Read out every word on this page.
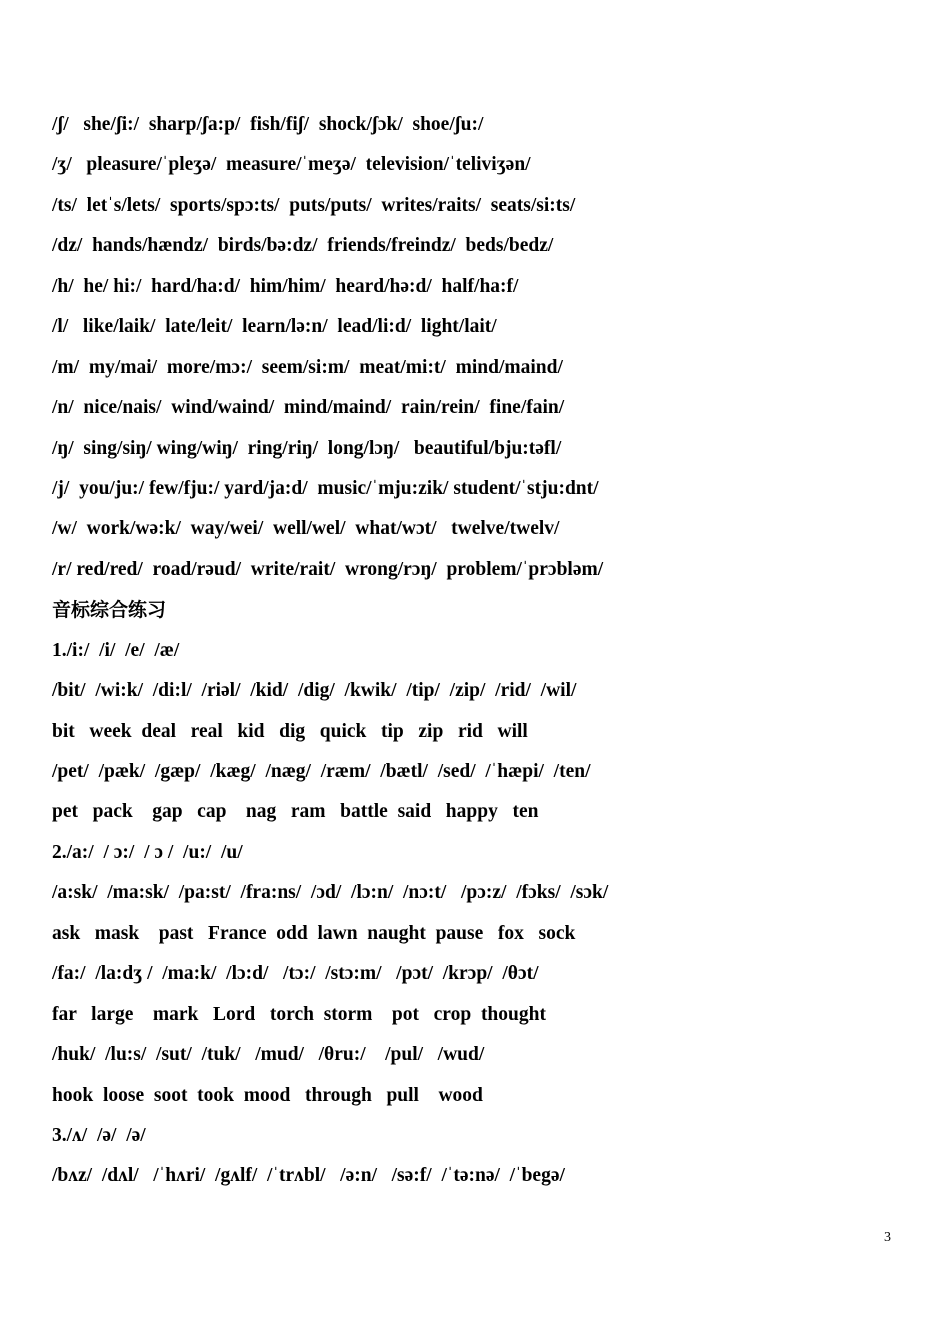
/ʃ/   she/ʃi:/  sharp/ʃa:p/  fish/fiʃ/  shock/ʃɔk/  shoe/ʃu:/
/ʒ/   pleasure/ˈpleʒə/  measure/ˈmeʒə/  television/ˈteliviʒən/
/ts/  letˈs/lets/  sports/spɔ:ts/  puts/puts/  writes/raits/  seats/si:ts/
/dz/  hands/hændz/  birds/bə:dz/  friends/freindz/  beds/bedz/
/h/  he/ hi:/  hard/ha:d/  him/him/  heard/hə:d/  half/ha:f/
/l/   like/laik/  late/leit/  learn/lə:n/  lead/li:d/  light/lait/
/m/  my/mai/  more/mɔ:/  seem/si:m/  meat/mi:t/  mind/maind/
/n/  nice/nais/  wind/waind/  mind/maind/  rain/rein/  fine/fain/
/ŋ/  sing/siŋ/ wing/wiŋ/  ring/riŋ/  long/lɔŋ/   beautiful/bju:təfl/
/j/  you/ju:/ few/fju:/ yard/ja:d/  music/ˈmju:zik/ student/ˈstju:dnt/
/w/  work/wə:k/  way/wei/  well/wel/  what/wɔt/   twelve/twelv/
/r/ red/red/  road/rəud/  write/rait/  wrong/rɔŋ/  problem/ˈprɔbləm/
音标综合练习
1./i:/  /i/  /e/  /æ/
/bit/  /wi:k/  /di:l/  /riəl/  /kid/  /dig/  /kwik/  /tip/  /zip/  /rid/  /wil/
bit   week  deal   real   kid   dig   quick   tip   zip   rid   will
/pet/  /pæk/  /gæp/  /kæg/  /næg/  /ræm/  /bætl/  /sed/  /ˈhæpi/  /ten/
pet   pack    gap   cap    nag   ram   battle  said   happy   ten
2./a:/  / ɔ:/  / ɔ /  /u:/  /u/
/a:sk/  /ma:sk/  /pa:st/  /fra:ns/  /ɔd/  /lɔ:n/  /nɔ:t/   /pɔ:z/  /fɔks/  /sɔk/
ask   mask    past   France  odd  lawn  naught  pause   fox   sock
/fa:/  /la:dʒ /  /ma:k/  /lɔ:d/   /tɔ:/  /stɔ:m/   /pɔt/  /krɔp/  /θɔt/
far   large    mark   Lord   torch  storm    pot   crop  thought
/huk/  /lu:s/  /sut/  /tuk/   /mud/   /θru:/    /pul/   /wud/
hook  loose  soot  took  mood   through   pull    wood
3./ʌ/  /ə/  /ə/
/bʌz/  /dʌl/   /ˈhʌri/  /gʌlf/  /ˈtrʌbl/   /ə:n/   /sə:f/  /ˈtə:nə/  /ˈbegə/
3
